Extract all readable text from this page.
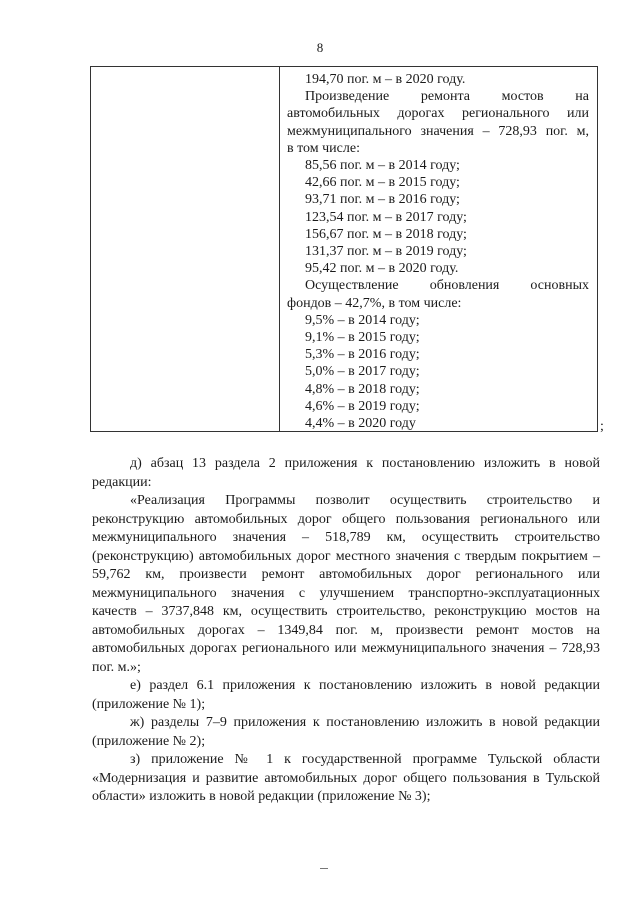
8

194,70 пог. м – в 2020 году.

Произведение ремонта мостов на

автомобильных дорогах регионального или

межмуниципального значения – 728,93 пог. м,

в том числе:

85,56 пог. м – в 2014 году;

42,66 пог. м – в 2015 году;

93,71 пог. м – в 2016 году;

123,54 пог. м – в 2017 году;

156,67 пог. м – в 2018 году;

131,37 пог. м – в 2019 году;

95,42 пог. м – в 2020 году.

Осуществление обновления основных

фондов – 42,7%, в том числе:

9,5% – в 2014 году;

9,1% – в 2015 году;

5,3% – в 2016 году;

5,0% – в 2017 году;

4,8% – в 2018 году;

4,6% – в 2019 году;

4,4% – в 2020 году	;

д) абзац 13 раздела 2 приложения к постановлению изложить в новой редакции:

«Реализация Программы позволит осуществить строительство и реконструкцию автомобильных дорог общего пользования регионального или межмуниципального значения – 518,789 км, осуществить строительство (реконструкцию) автомобильных дорог местного значения с твердым покрытием – 59,762 км, произвести ремонт автомобильных дорог регионального или межмуниципального значения с улучшением транспортно-эксплуатационных качеств – 3737,848 км, осуществить строительство, реконструкцию мостов на автомобильных дорогах – 1349,84 пог. м, произвести ремонт мостов на автомобильных дорогах регионального или межмуниципального значения – 728,93 пог. м.»;

е) раздел 6.1 приложения к постановлению изложить в новой редакции (приложение № 1);

ж) разделы 7–9 приложения к постановлению изложить в новой редакции (приложение № 2);

з) приложение № 1 к государственной программе Тульской области «Модернизация и развитие автомобильных дорог общего пользования в Тульской области» изложить в новой редакции (приложение № 3);
